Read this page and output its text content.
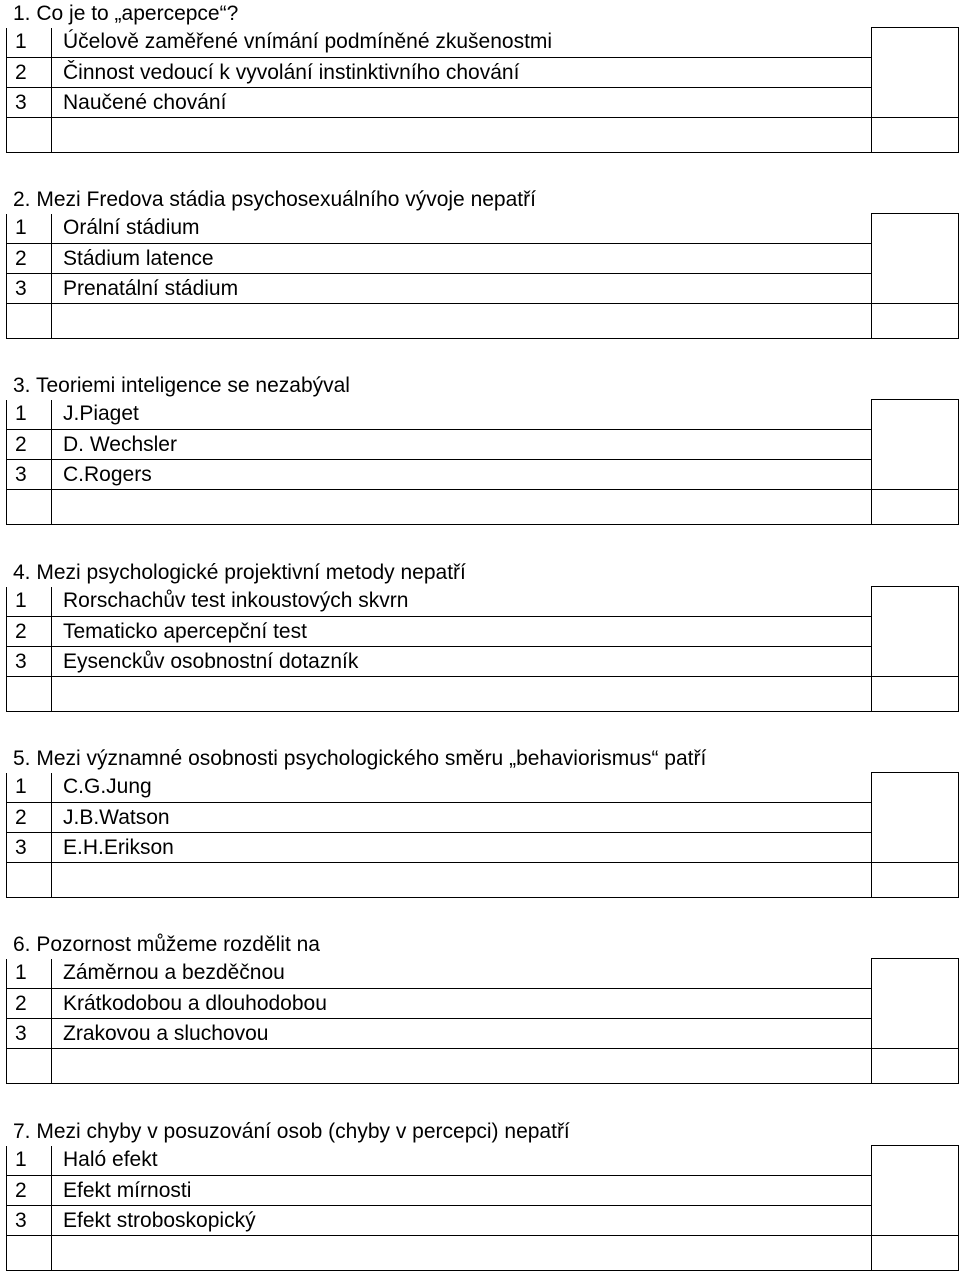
1. Co je to „apercepce“?
1	Účelově zaměřené vnímání podmíněné zkušenostmi	
2	Činnost vedoucí k vyvolání instinktivního chování	
3	Naučené chování	

2. Mezi Fredova stádia psychosexuálního vývoje nepatří
1	Orální stádium	
2	Stádium latence	
3	Prenatální stádium	

3. Teoriemi inteligence se nezabýval
1	J.Piaget	
2	D. Wechsler	
3	C.Rogers	

4. Mezi psychologické projektivní metody nepatří
1	Rorschachův test inkoustových skvrn	
2	Tematicko apercepční test	
3	Eysenckův osobnostní dotazník	

5. Mezi významné osobnosti psychologického směru „behaviorismus“ patří
1	C.G.Jung	
2	J.B.Watson	
3	E.H.Erikson	

6. Pozornost můžeme rozdělit na
1	Záměrnou a bezděčnou	
2	Krátkodobou a dlouhodobou	
3	Zrakovou a sluchovou	

7. Mezi chyby v posuzování osob (chyby v percepci) nepatří
1	Haló efekt	
2	Efekt mírnosti	
3	Efekt stroboskopický	
